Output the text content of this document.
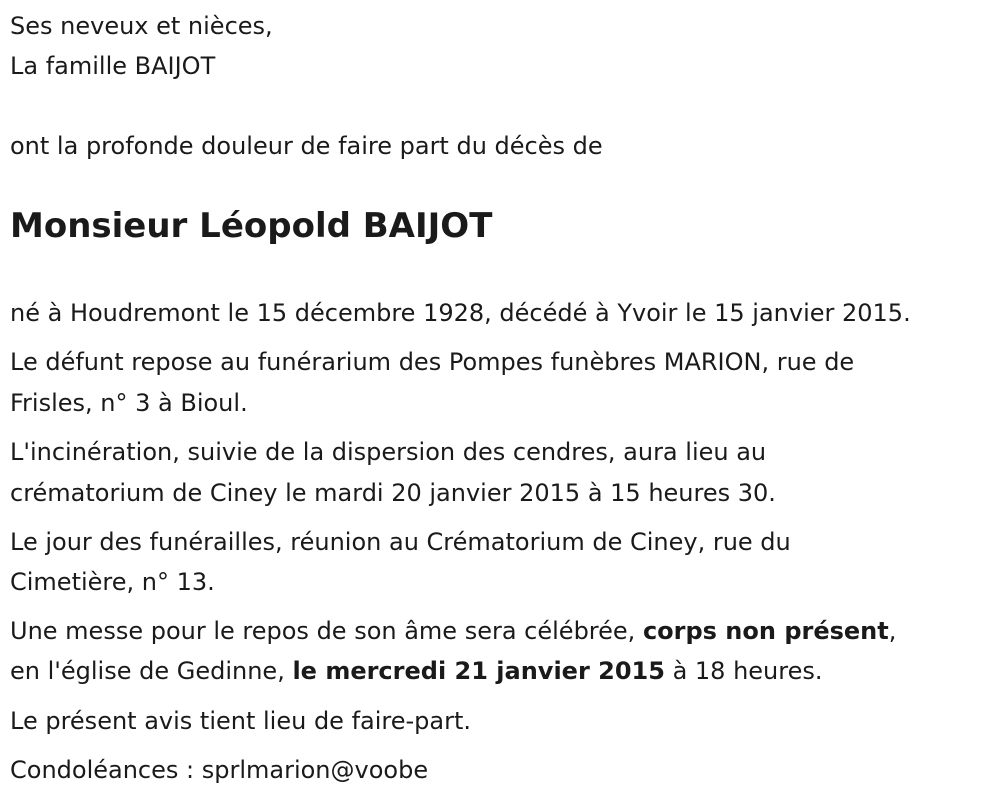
Ses neveux et nièces,
La famille BAIJOT
ont la profonde douleur de faire part du décès de
Monsieur Léopold BAIJOT
né à Houdremont le 15 décembre 1928, décédé à Yvoir le 15 janvier 2015.
Le défunt repose au funérarium des Pompes funèbres MARION, rue de
Frisles, n° 3 à Bioul.
L'incinération, suivie de la dispersion des cendres, aura lieu au
crématorium de Ciney le mardi 20 janvier 2015 à 15 heures 30.
Le jour des funérailles, réunion au Crématorium de Ciney, rue du
Cimetière, n° 13.
Une messe pour le repos de son âme sera célébrée, corps non présent,
en l'église de Gedinne, le mercredi 21 janvier 2015 à 18 heures.
Le présent avis tient lieu de faire-part.
Condoléances : sprlmarion@voobe
